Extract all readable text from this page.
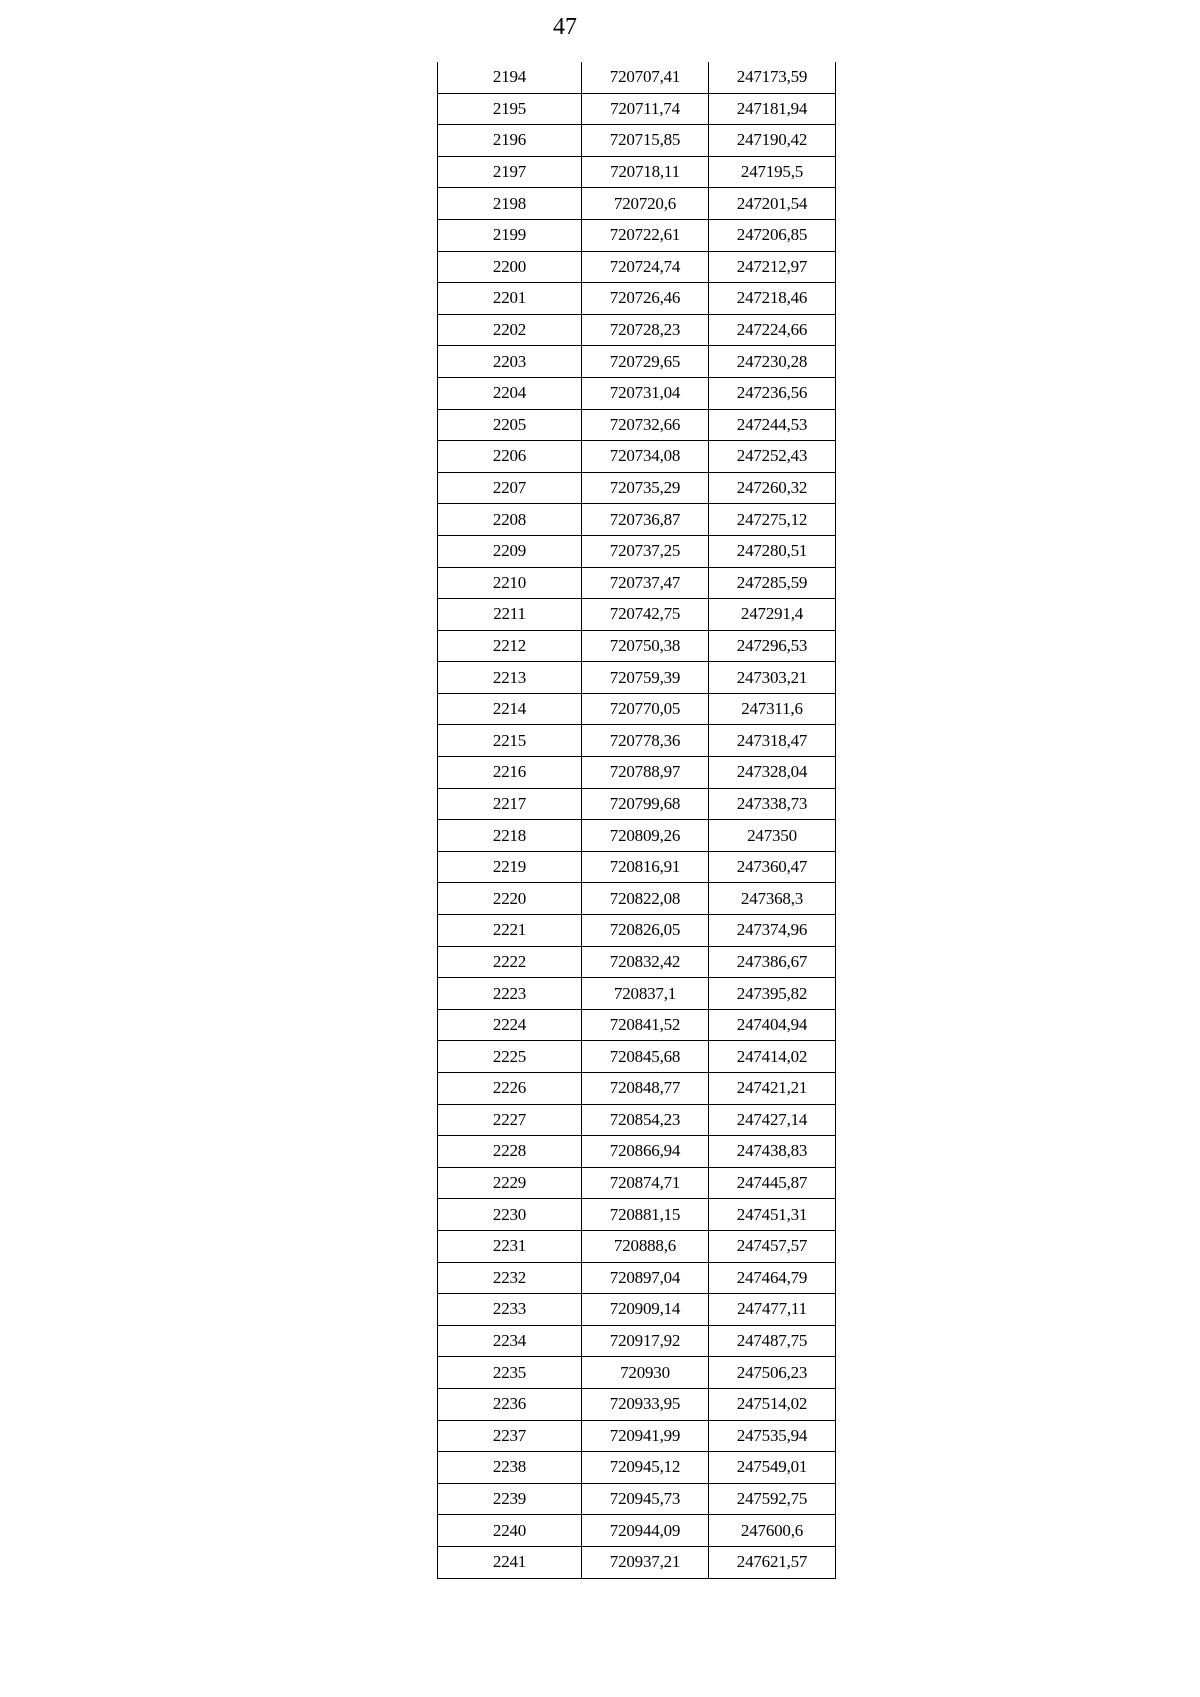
47
2194	720707,41	247173,59
2195	720711,74	247181,94
2196	720715,85	247190,42
2197	720718,11	247195,5
2198	720720,6	247201,54
2199	720722,61	247206,85
2200	720724,74	247212,97
2201	720726,46	247218,46
2202	720728,23	247224,66
2203	720729,65	247230,28
2204	720731,04	247236,56
2205	720732,66	247244,53
2206	720734,08	247252,43
2207	720735,29	247260,32
2208	720736,87	247275,12
2209	720737,25	247280,51
2210	720737,47	247285,59
2211	720742,75	247291,4
2212	720750,38	247296,53
2213	720759,39	247303,21
2214	720770,05	247311,6
2215	720778,36	247318,47
2216	720788,97	247328,04
2217	720799,68	247338,73
2218	720809,26	247350
2219	720816,91	247360,47
2220	720822,08	247368,3
2221	720826,05	247374,96
2222	720832,42	247386,67
2223	720837,1	247395,82
2224	720841,52	247404,94
2225	720845,68	247414,02
2226	720848,77	247421,21
2227	720854,23	247427,14
2228	720866,94	247438,83
2229	720874,71	247445,87
2230	720881,15	247451,31
2231	720888,6	247457,57
2232	720897,04	247464,79
2233	720909,14	247477,11
2234	720917,92	247487,75
2235	720930	247506,23
2236	720933,95	247514,02
2237	720941,99	247535,94
2238	720945,12	247549,01
2239	720945,73	247592,75
2240	720944,09	247600,6
2241	720937,21	247621,57
